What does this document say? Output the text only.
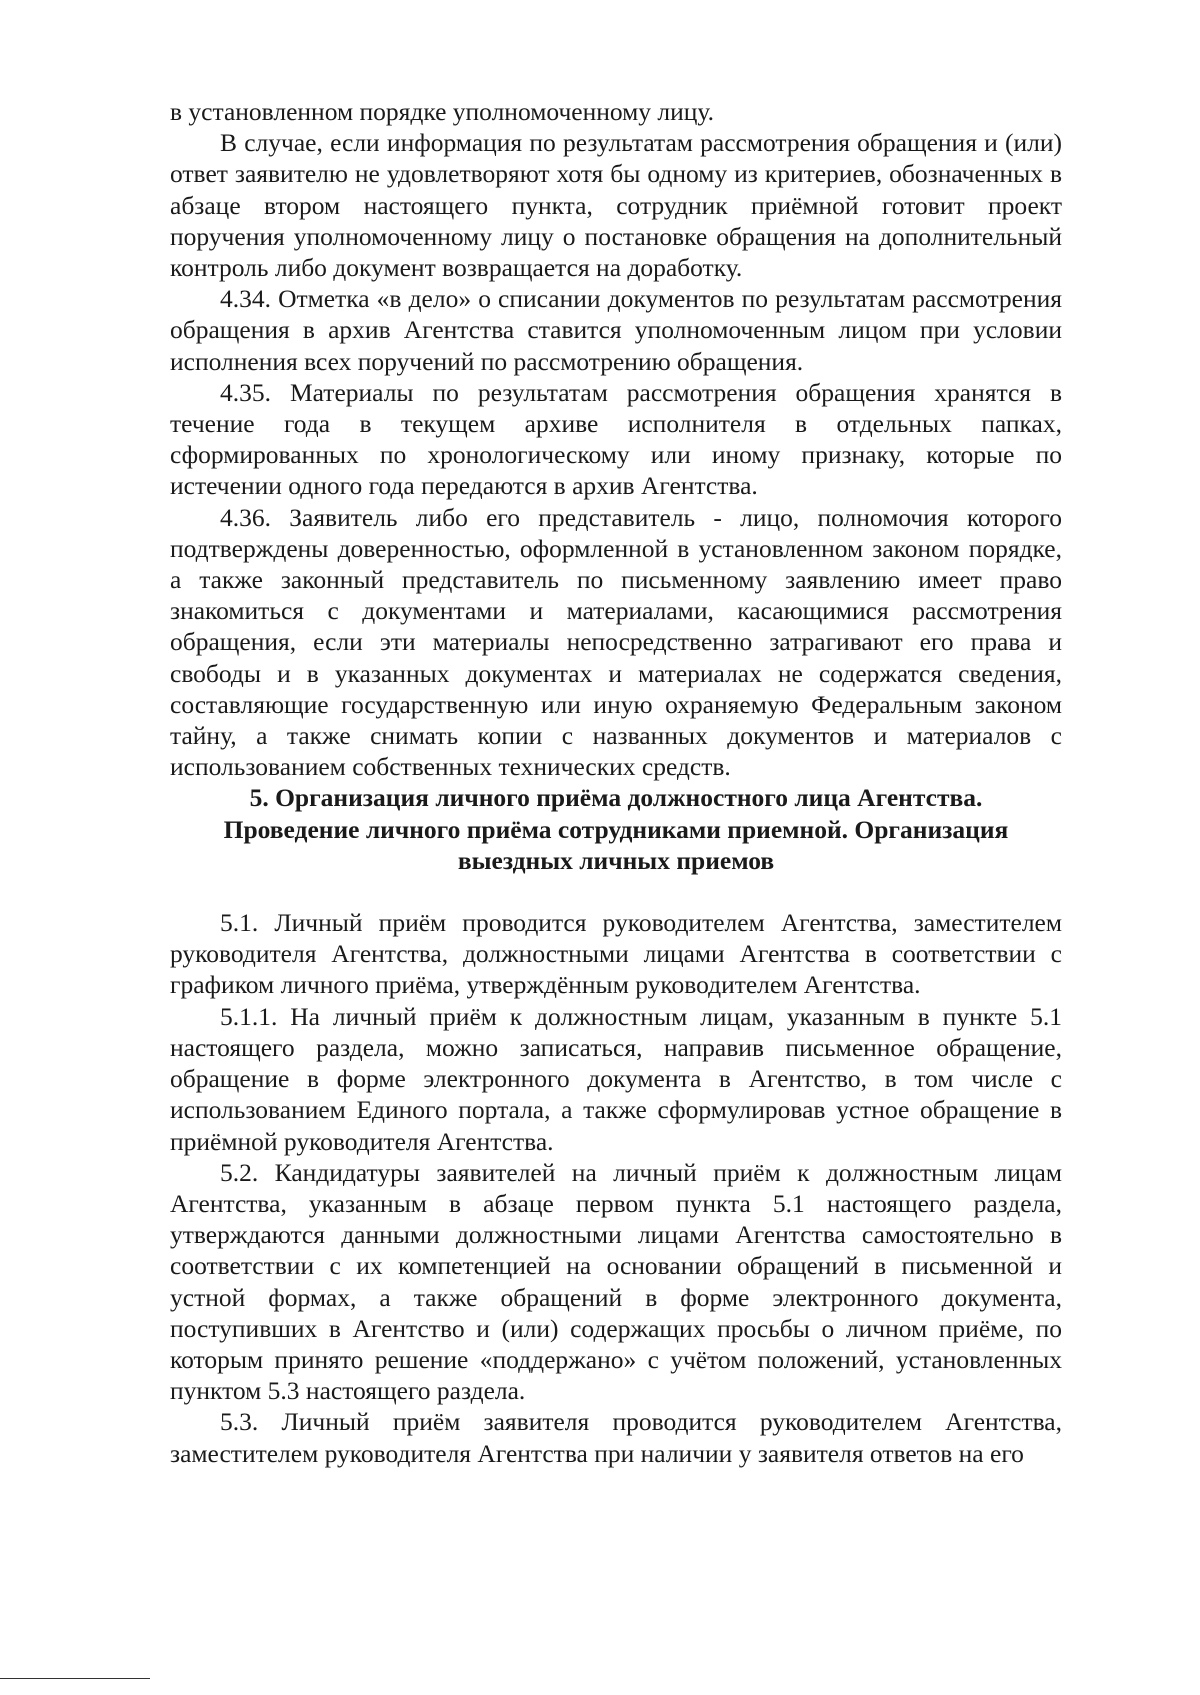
в установленном порядке уполномоченному лицу.

В случае, если информация по результатам рассмотрения обращения и (или) ответ заявителю не удовлетворяют хотя бы одному из критериев, обозначенных в абзаце втором настоящего пункта, сотрудник приёмной готовит проект поручения уполномоченному лицу о постановке обращения на дополнительный контроль либо документ возвращается на доработку.

4.34. Отметка «в дело» о списании документов по результатам рассмотрения обращения в архив Агентства ставится уполномоченным лицом при условии исполнения всех поручений по рассмотрению обращения.

4.35. Материалы по результатам рассмотрения обращения хранятся в течение года в текущем архиве исполнителя в отдельных папках, сформированных по хронологическому или иному признаку, которые по истечении одного года передаются в архив Агентства.

4.36. Заявитель либо его представитель - лицо, полномочия которого подтверждены доверенностью, оформленной в установленном законом порядке, а также законный представитель по письменному заявлению имеет право знакомиться с документами и материалами, касающимися рассмотрения обращения, если эти материалы непосредственно затрагивают его права и свободы и в указанных документах и материалах не содержатся сведения, составляющие государственную или иную охраняемую Федеральным законом тайну, а также снимать копии с названных документов и материалов с использованием собственных технических средств.

5. Организация личного приёма должностного лица Агентства.
Проведение личного приёма сотрудниками приемной. Организация
выездных личных приемов

5.1. Личный приём проводится руководителем Агентства, заместителем руководителя Агентства, должностными лицами Агентства в соответствии с графиком личного приёма, утверждённым руководителем Агентства.

5.1.1. На личный приём к должностным лицам, указанным в пункте 5.1 настоящего раздела, можно записаться, направив письменное обращение, обращение в форме электронного документа в Агентство, в том числе с использованием Единого портала, а также сформулировав устное обращение в приёмной руководителя Агентства.

5.2. Кандидатуры заявителей на личный приём к должностным лицам Агентства, указанным в абзаце первом пункта 5.1 настоящего раздела, утверждаются данными должностными лицами Агентства самостоятельно в соответствии с их компетенцией на основании обращений в письменной и устной формах, а также обращений в форме электронного документа, поступивших в Агентство и (или) содержащих просьбы о личном приёме, по которым принято решение «поддержано» с учётом положений, установленных пунктом 5.3 настоящего раздела.

5.3. Личный приём заявителя проводится руководителем Агентства, заместителем руководителя Агентства при наличии у заявителя ответов на его
